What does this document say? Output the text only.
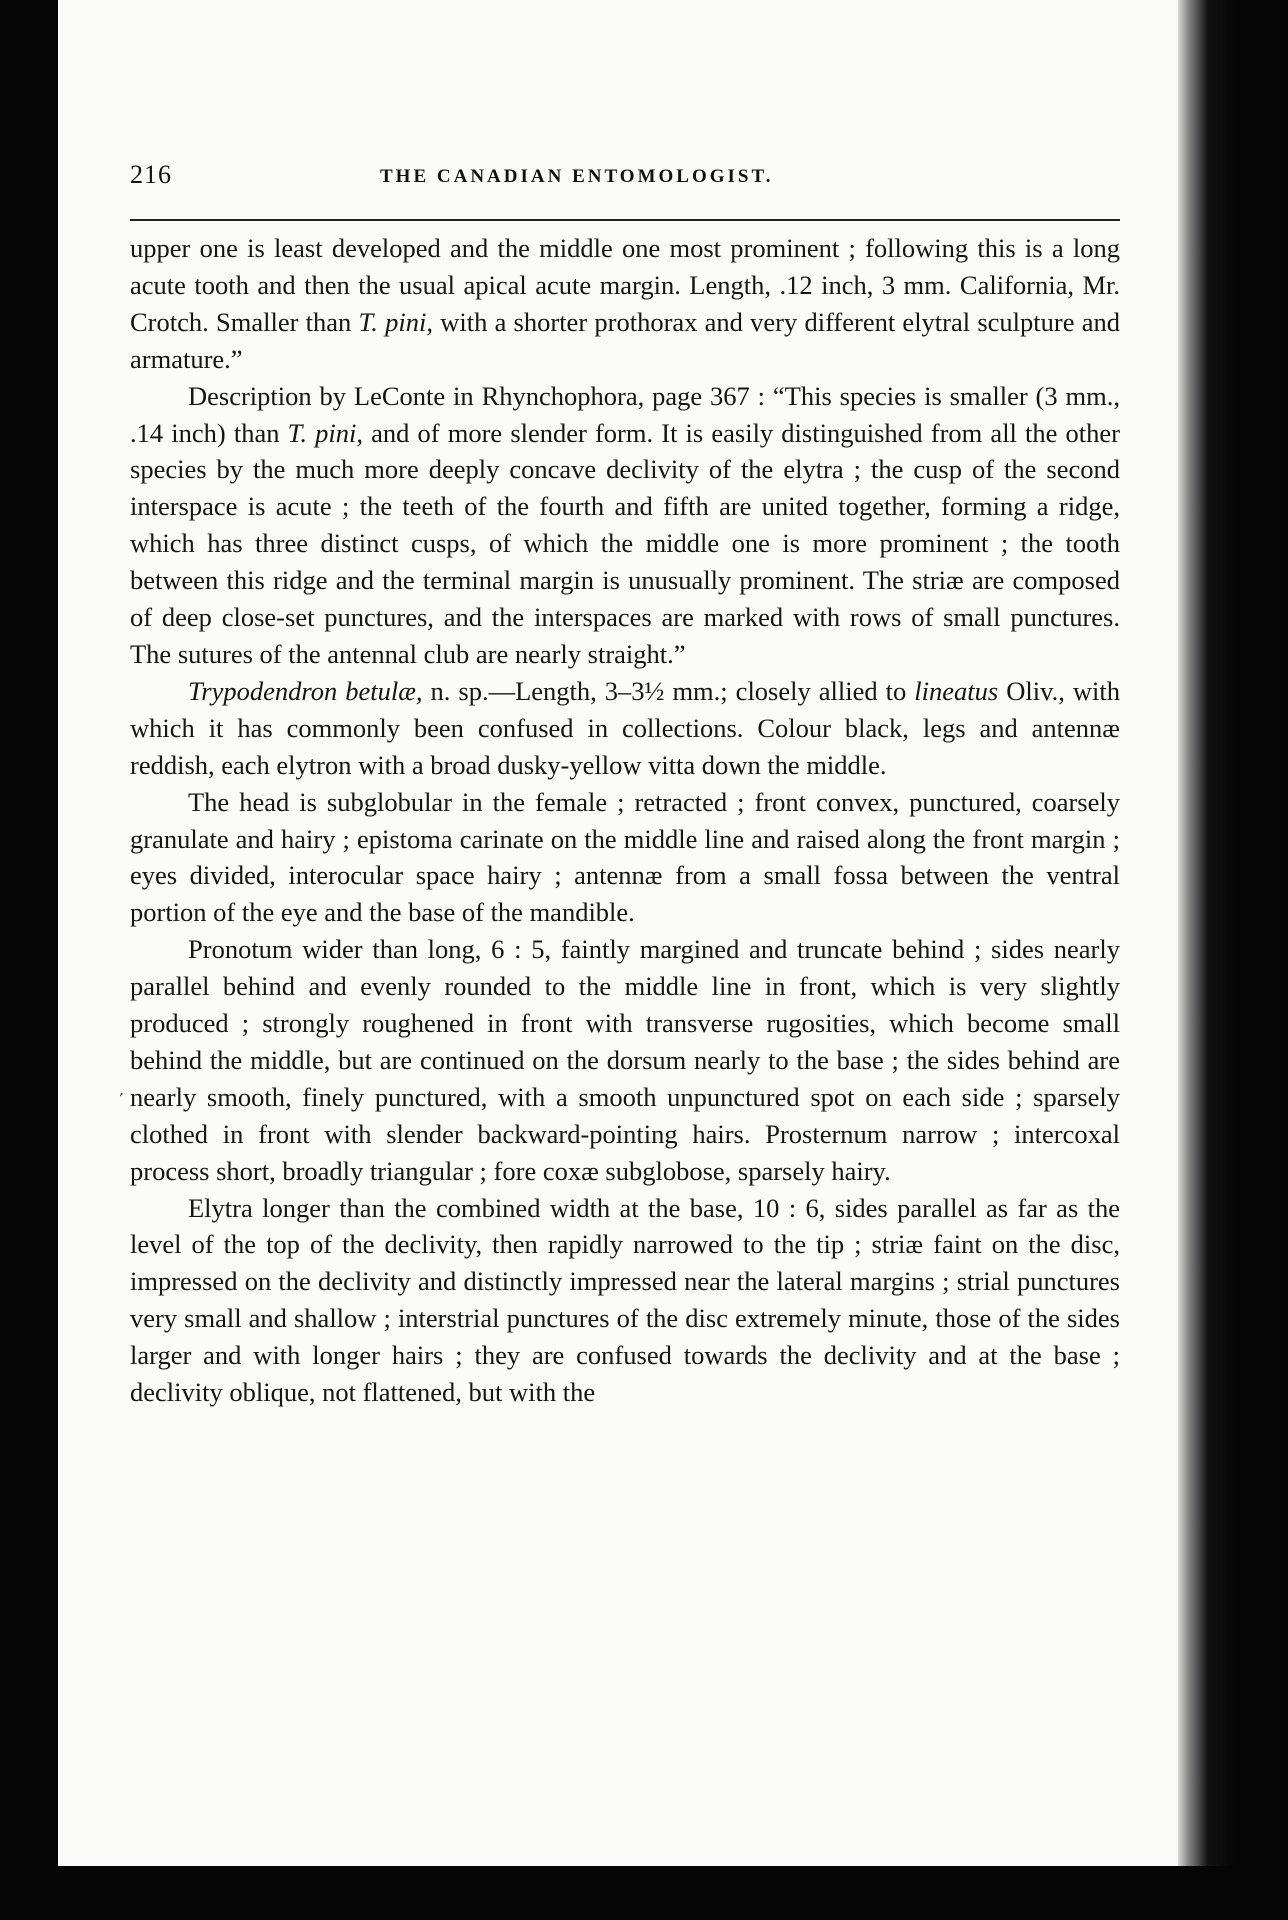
216	THE CANADIAN ENTOMOLOGIST.
′

upper one is least developed and the middle one most prominent ; following this is a long acute tooth and then the usual apical acute margin. Length, .12 inch, 3 mm. California, Mr. Crotch. Smaller than T. pini, with a shorter prothorax and very different elytral sculpture and armature.”

Description by LeConte in Rhynchophora, page 367 : “This species is smaller (3 mm., .14 inch) than T. pini, and of more slender form. It is easily distinguished from all the other species by the much more deeply concave declivity of the elytra ; the cusp of the second interspace is acute ; the teeth of the fourth and fifth are united together, forming a ridge, which has three distinct cusps, of which the middle one is more prominent ; the tooth between this ridge and the terminal margin is unusually prominent. The striæ are composed of deep close-set punctures, and the interspaces are marked with rows of small punctures. The sutures of the antennal club are nearly straight.”

Trypodendron betulæ, n. sp.—Length, 3–3½ mm.; closely allied to lineatus Oliv., with which it has commonly been confused in collections. Colour black, legs and antennæ reddish, each elytron with a broad dusky-yellow vitta down the middle.

The head is subglobular in the female ; retracted ; front convex, punctured, coarsely granulate and hairy ; epistoma carinate on the middle line and raised along the front margin ; eyes divided, interocular space hairy ; antennæ from a small fossa between the ventral portion of the eye and the base of the mandible.

Pronotum wider than long, 6 : 5, faintly margined and truncate behind ; sides nearly parallel behind and evenly rounded to the middle line in front, which is very slightly produced ; strongly roughened in front with transverse rugosities, which become small behind the middle, but are continued on the dorsum nearly to the base ; the sides behind are nearly smooth, finely punctured, with a smooth unpunctured spot on each side ; sparsely clothed in front with slender backward-pointing hairs. Prosternum narrow ; intercoxal process short, broadly triangular ; fore coxæ subglobose, sparsely hairy.

Elytra longer than the combined width at the base, 10 : 6, sides parallel as far as the level of the top of the declivity, then rapidly narrowed to the tip ; striæ faint on the disc, impressed on the declivity and distinctly impressed near the lateral margins ; strial punctures very small and shallow ; interstrial punctures of the disc extremely minute, those of the sides larger and with longer hairs ; they are confused towards the declivity and at the base ; declivity oblique, not flattened, but with the
